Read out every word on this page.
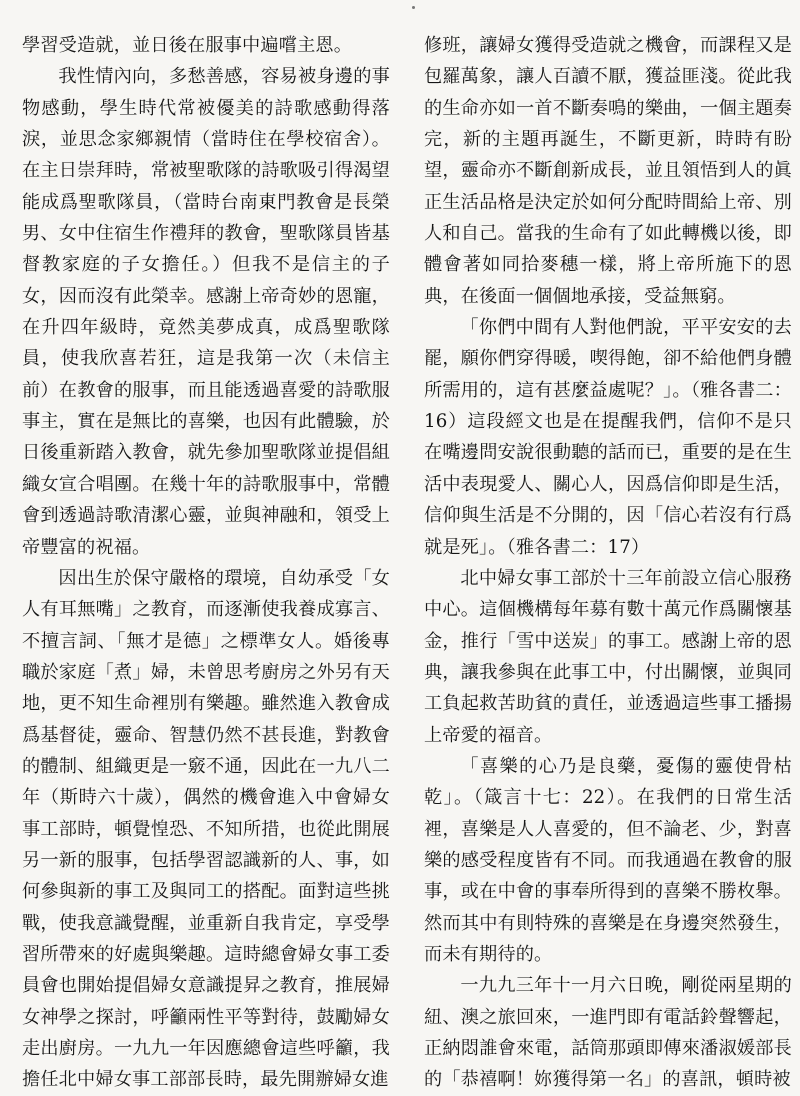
學習受造就，並日後在服事中遍嚐主恩。

我性情內向，多愁善感，容易被身邊的事物感動，學生時代常被優美的詩歌感動得落淚，並思念家鄉親情（當時住在學校宿舍）。在主日崇拜時，常被聖歌隊的詩歌吸引得渴望能成爲聖歌隊員，（當時台南東門教會是長榮男、女中住宿生作禮拜的教會，聖歌隊員皆基督教家庭的子女擔任。）但我不是信主的子女，因而沒有此榮幸。感謝上帝奇妙的恩寵，在升四年級時，竟然美夢成真，成爲聖歌隊員，使我欣喜若狂，這是我第一次（未信主前）在教會的服事，而且能透過喜愛的詩歌服事主，實在是無比的喜樂，也因有此體驗，於日後重新踏入教會，就先參加聖歌隊並提倡組織女宣合唱團。在幾十年的詩歌服事中，常體會到透過詩歌清潔心靈，並與神融和，領受上帝豐富的祝福。

因出生於保守嚴格的環境，自幼承受「女人有耳無嘴」之教育，而逐漸使我養成寡言、不擅言詞、「無才是德」之標準女人。婚後專職於家庭「煮」婦，未曾思考廚房之外另有天地，更不知生命裡別有樂趣。雖然進入教會成爲基督徒，靈命、智慧仍然不甚長進，對教會的體制、組織更是一竅不通，因此在一九八二年（斯時六十歲），偶然的機會進入中會婦女事工部時，頓覺惶恐、不知所措，也從此開展另一新的服事，包括學習認識新的人、事，如何參與新的事工及與同工的搭配。面對這些挑戰，使我意識覺醒，並重新自我肯定，享受學習所帶來的好處與樂趣。這時總會婦女事工委員會也開始提倡婦女意識提昇之教育，推展婦女神學之探討，呼籲兩性平等對待，鼓勵婦女走出廚房。一九九一年因應總會這些呼籲，我擔任北中婦女事工部部長時，最先開辦婦女進

修班，讓婦女獲得受造就之機會，而課程又是包羅萬象，讓人百讀不厭，獲益匪淺。從此我的生命亦如一首不斷奏鳴的樂曲，一個主題奏完，新的主題再誕生，不斷更新，時時有盼望，靈命亦不斷創新成長，並且領悟到人的眞正生活品格是決定於如何分配時間給上帝、別人和自己。當我的生命有了如此轉機以後，即體會著如同拾麥穗一樣，將上帝所施下的恩典，在後面一個個地承接，受益無窮。

「你們中間有人對他們說，平平安安的去罷，願你們穿得暖，喫得飽，卻不給他們身體所需用的，這有甚麼益處呢？」。（雅各書二：16）這段經文也是在提醒我們，信仰不是只在嘴邊問安說很動聽的話而已，重要的是在生活中表現愛人、關心人，因爲信仰即是生活，信仰與生活是不分開的，因「信心若沒有行爲就是死」。（雅各書二：17）

北中婦女事工部於十三年前設立信心服務中心。這個機構每年募有數十萬元作爲關懷基金，推行「雪中送炭」的事工。感謝上帝的恩典，讓我參與在此事工中，付出關懷，並與同工負起救苦助貧的責任，並透過這些事工播揚上帝愛的福音。

「喜樂的心乃是良藥，憂傷的靈使骨枯乾」。（箴言十七：22）。在我們的日常生活裡，喜樂是人人喜愛的，但不論老、少，對喜樂的感受程度皆有不同。而我通過在教會的服事，或在中會的事奉所得到的喜樂不勝枚舉。然而其中有則特殊的喜樂是在身邊突然發生，而未有期待的。

一九九三年十一月六日晚，剛從兩星期的紐、澳之旅回來，一進門即有電話鈴聲響起，正納悶誰會來電，話筒那頭即傳來潘淑媛部長的「恭禧啊！妳獲得第一名」的喜訊，頓時被
